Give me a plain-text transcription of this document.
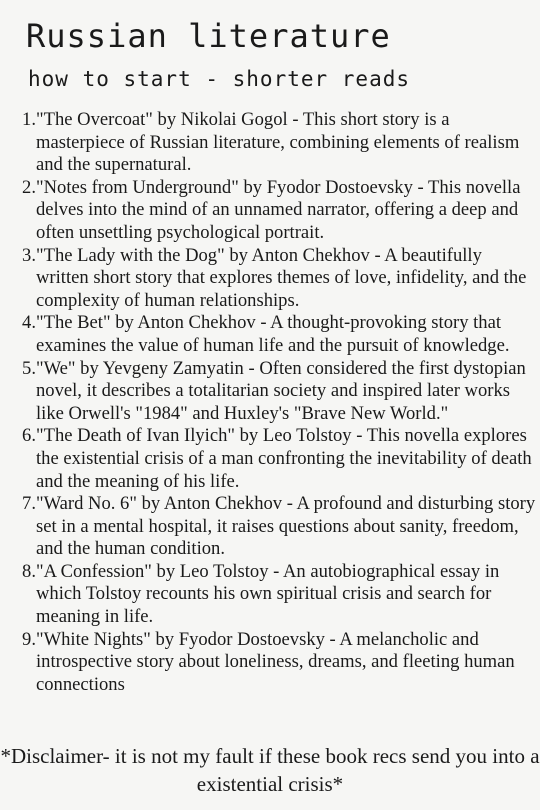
Russian literature
how to start - shorter reads
1. "The Overcoat" by Nikolai Gogol - This short story is a masterpiece of Russian literature, combining elements of realism and the supernatural.
2. "Notes from Underground" by Fyodor Dostoevsky - This novella delves into the mind of an unnamed narrator, offering a deep and often unsettling psychological portrait.
3. "The Lady with the Dog" by Anton Chekhov - A beautifully written short story that explores themes of love, infidelity, and the complexity of human relationships.
4. "The Bet" by Anton Chekhov - A thought-provoking story that examines the value of human life and the pursuit of knowledge.
5. "We" by Yevgeny Zamyatin - Often considered the first dystopian novel, it describes a totalitarian society and inspired later works like Orwell's "1984" and Huxley's "Brave New World."
6. "The Death of Ivan Ilyich" by Leo Tolstoy - This novella explores the existential crisis of a man confronting the inevitability of death and the meaning of his life.
7. "Ward No. 6" by Anton Chekhov - A profound and disturbing story set in a mental hospital, it raises questions about sanity, freedom, and the human condition.
8. "A Confession" by Leo Tolstoy - An autobiographical essay in which Tolstoy recounts his own spiritual crisis and search for meaning in life.
9. "White Nights" by Fyodor Dostoevsky - A melancholic and introspective story about loneliness, dreams, and fleeting human connections
*Disclaimer- it is not my fault if these book recs send you into a existential crisis*
